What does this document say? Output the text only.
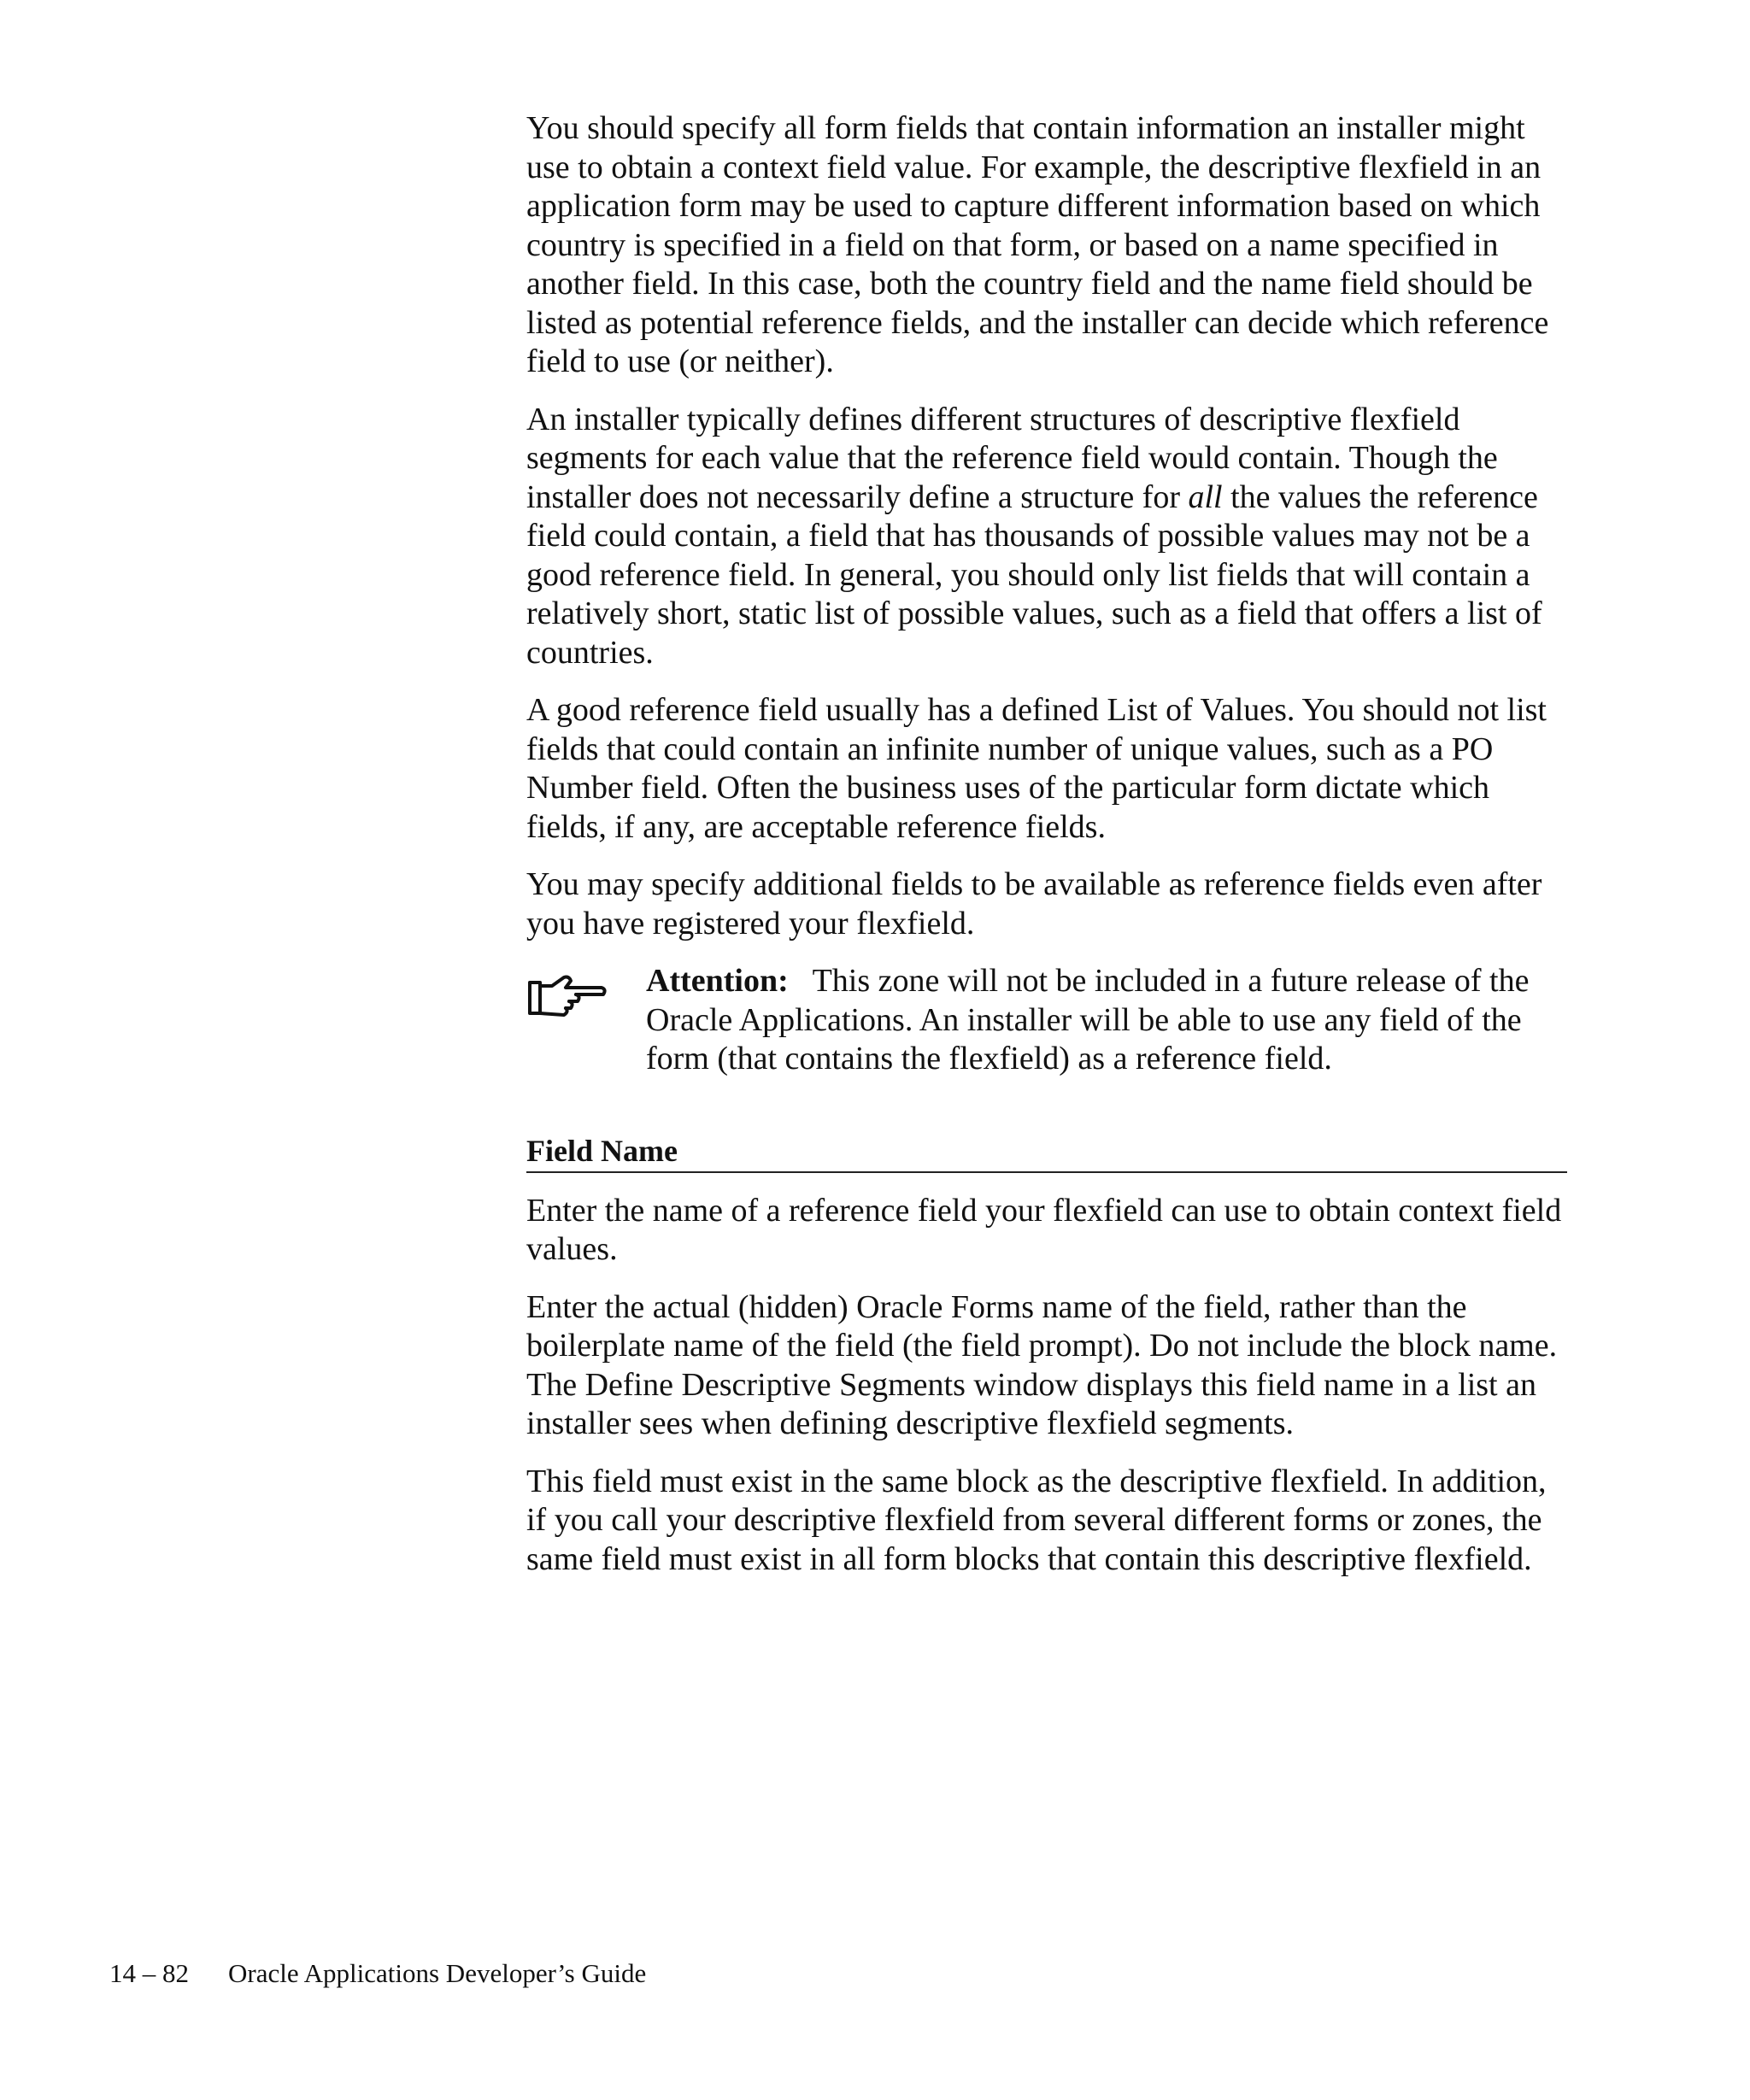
You should specify all form fields that contain information an installer might use to obtain a context field value. For example, the descriptive flexfield in an application form may be used to capture different information based on which country is specified in a field on that form, or based on a name specified in another field. In this case, both the country field and the name field should be listed as potential reference fields, and the installer can decide which reference field to use (or neither).

An installer typically defines different structures of descriptive flexfield segments for each value that the reference field would contain. Though the installer does not necessarily define a structure for all the values the reference field could contain, a field that has thousands of possible values may not be a good reference field. In general, you should only list fields that will contain a relatively short, static list of possible values, such as a field that offers a list of countries.

A good reference field usually has a defined List of Values. You should not list fields that could contain an infinite number of unique values, such as a PO Number field. Often the business uses of the particular form dictate which fields, if any, are acceptable reference fields.

You may specify additional fields to be available as reference fields even after you have registered your flexfield.

Attention: This zone will not be included in a future release of the Oracle Applications. An installer will be able to use any field of the form (that contains the flexfield) as a reference field.
Field Name

Enter the name of a reference field your flexfield can use to obtain context field values.

Enter the actual (hidden) Oracle Forms name of the field, rather than the boilerplate name of the field (the field prompt). Do not include the block name. The Define Descriptive Segments window displays this field name in a list an installer sees when defining descriptive flexfield segments.

This field must exist in the same block as the descriptive flexfield. In addition, if you call your descriptive flexfield from several different forms or zones, the same field must exist in all form blocks that contain this descriptive flexfield.

14 – 82 Oracle Applications Developer’s Guide
